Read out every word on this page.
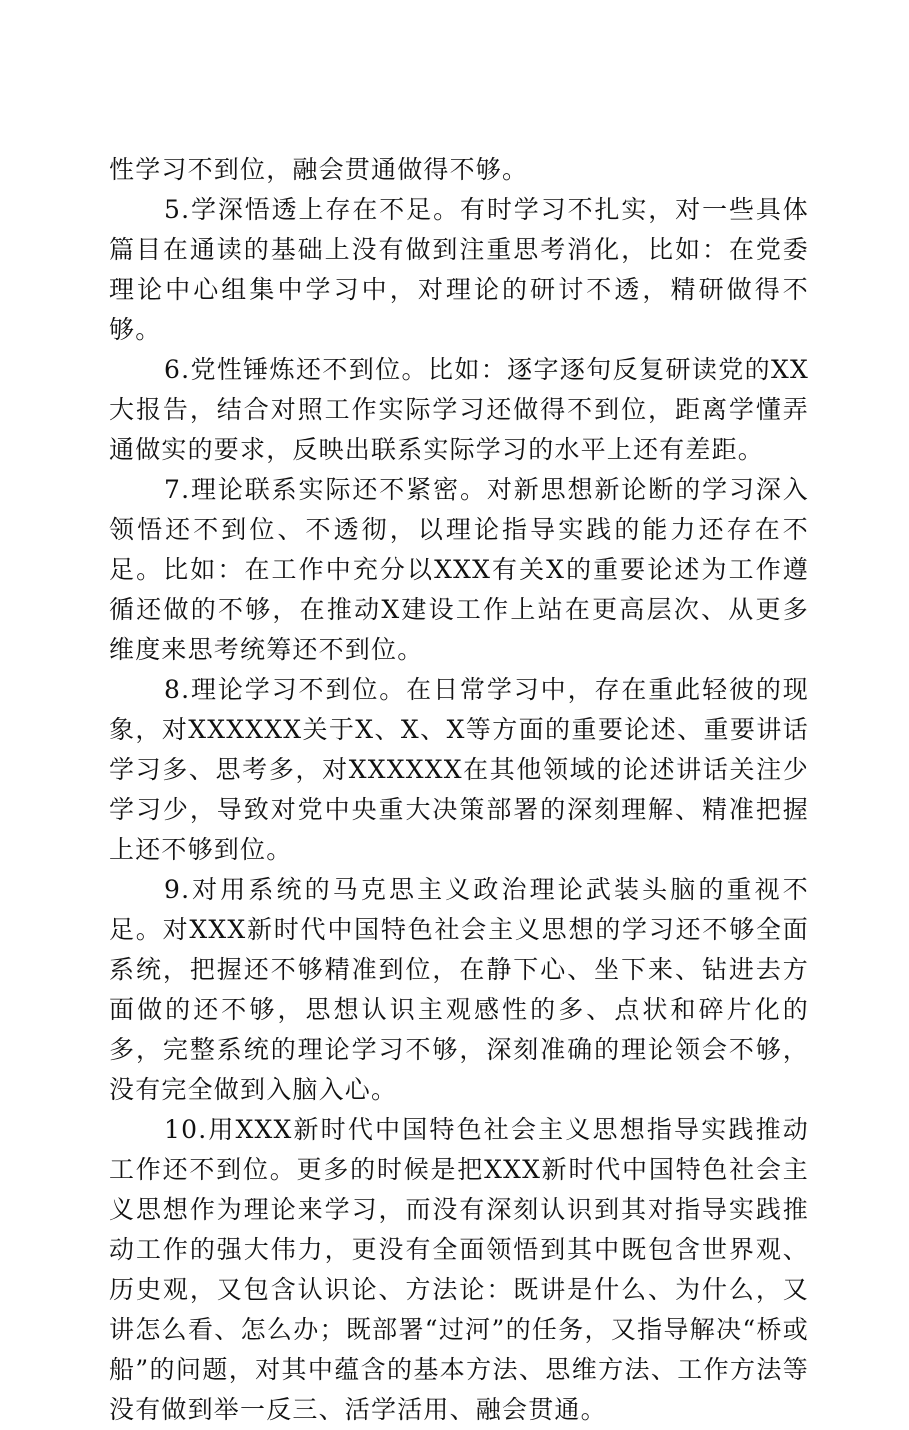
性学习不到位，融会贯通做得不够。

5.学深悟透上存在不足。有时学习不扎实，对一些具体篇目在通读的基础上没有做到注重思考消化，比如：在党委理论中心组集中学习中，对理论的研讨不透，精研做得不够。

6.党性锤炼还不到位。比如：逐字逐句反复研读党的XX大报告，结合对照工作实际学习还做得不到位，距离学懂弄通做实的要求，反映出联系实际学习的水平上还有差距。

7.理论联系实际还不紧密。对新思想新论断的学习深入领悟还不到位、不透彻，以理论指导实践的能力还存在不足。比如：在工作中充分以XXX有关X的重要论述为工作遵循还做的不够，在推动X建设工作上站在更高层次、从更多维度来思考统筹还不到位。

8.理论学习不到位。在日常学习中，存在重此轻彼的现象，对XXXXXX关于X、X、X等方面的重要论述、重要讲话学习多、思考多，对XXXXXX在其他领域的论述讲话关注少学习少，导致对党中央重大决策部署的深刻理解、精准把握上还不够到位。

9.对用系统的马克思主义政治理论武装头脑的重视不足。对XXX新时代中国特色社会主义思想的学习还不够全面系统，把握还不够精准到位，在静下心、坐下来、钻进去方面做的还不够，思想认识主观感性的多、点状和碎片化的多，完整系统的理论学习不够，深刻准确的理论领会不够，没有完全做到入脑入心。

10.用XXX新时代中国特色社会主义思想指导实践推动工作还不到位。更多的时候是把XXX新时代中国特色社会主义思想作为理论来学习，而没有深刻认识到其对指导实践推动工作的强大伟力，更没有全面领悟到其中既包含世界观、历史观，又包含认识论、方法论：既讲是什么、为什么，又讲怎么看、怎么办；既部署“过河”的任务，又指导解决“桥或船”的问题，对其中蕴含的基本方法、思维方法、工作方法等没有做到举一反三、活学活用、融会贯通。
